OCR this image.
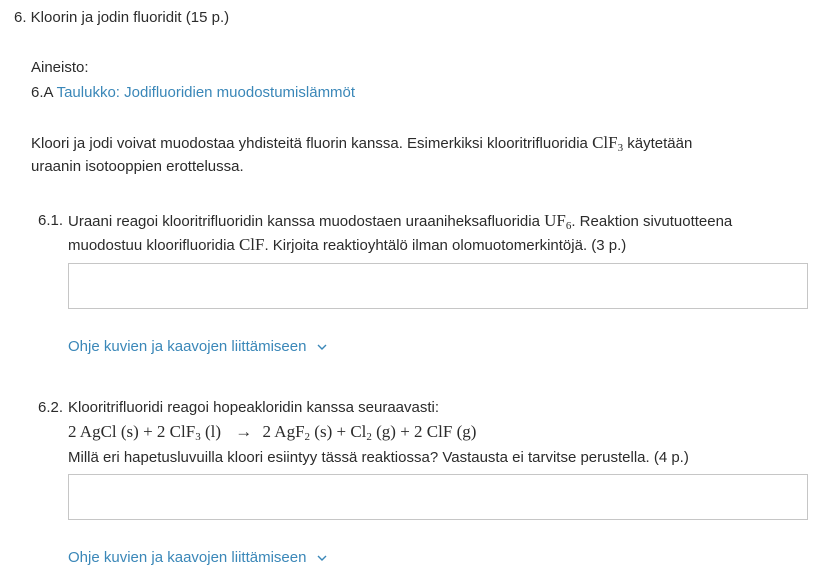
6. Kloorin ja jodin fluoridit (15 p.)
Aineisto:
6.A Taulukko: Jodifluoridien muodostumislämmöt
Kloori ja jodi voivat muodostaa yhdisteitä fluorin kanssa. Esimerkiksi klooritrifluoridia ClF$_3$ käytetään
uraanin isotooppien erottelussa.
6.1. Uraani reagoi klooritrifluoridin kanssa muodostaen uraaniheksafluoridia $UF_6$. Reaktion sivutuotteena
muodostuu kloorifluoridia ClF. Kirjoita reaktioyhtälö ilman olomuotomerkintöjä. (3 p.)
Ohje kuvien ja kaavojen liittämiseen
6.2. Klooritrifluoridi reagoi hopeakloridin kanssa seuraavasti:
2 AgCl (s) + 2 ClF$_3$ (l) → 2 AgF$_2$ $(s) + Cl_2$ (g) + 2 ClF (g)
Millä eri hapetusluvuilla kloori esiintyy tässä reaktiossa? Vastausta ei tarvitse perustella. (4 p.)
Ohje kuvien ja kaavojen liittämiseen
